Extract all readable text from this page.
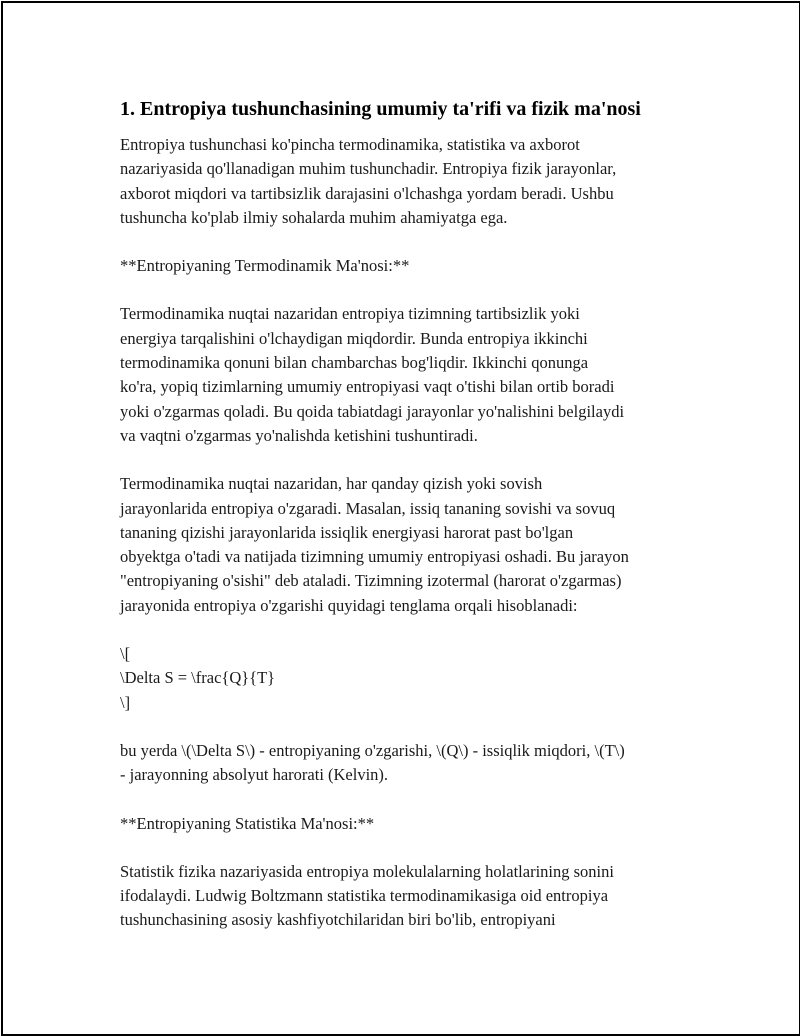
1. Entropiya tushunchasining umumiy ta'rifi va fizik ma'nosi
Entropiya tushunchasi ko'pincha termodinamika, statistika va axborot
nazariyasida qo'llanadigan muhim tushunchadir. Entropiya fizik jarayonlar,
axborot miqdori va tartibsizlik darajasini o'lchashga yordam beradi. Ushbu
tushuncha ko'plab ilmiy sohalarda muhim ahamiyatga ega.
**Entropiyaning Termodinamik Ma'nosi:**
Termodinamika nuqtai nazaridan entropiya tizimning tartibsizlik yoki
energiya tarqalishini o'lchaydigan miqdordir. Bunda entropiya ikkinchi
termodinamika qonuni bilan chambarchas bog'liqdir. Ikkinchi qonunga
ko'ra, yopiq tizimlarning umumiy entropiyasi vaqt o'tishi bilan ortib boradi
yoki o'zgarmas qoladi. Bu qoida tabiatdagi jarayonlar yo'nalishini belgilaydi
va vaqtni o'zgarmas yo'nalishda ketishini tushuntiradi.
Termodinamika nuqtai nazaridan, har qanday qizish yoki sovish
jarayonlarida entropiya o'zgaradi. Masalan, issiq tananing sovishi va sovuq
tananing qizishi jarayonlarida issiqlik energiyasi harorat past bo'lgan
obyektga o'tadi va natijada tizimning umumiy entropiyasi oshadi. Bu jarayon
"entropiyaning o'sishi" deb ataladi. Tizimning izotermal (harorat o'zgarmas)
jarayonida entropiya o'zgarishi quyidagi tenglama orqali hisoblanadi:
\[
\Delta S = \frac{Q}{T}
\]
bu yerda \(\Delta S\) - entropiyaning o'zgarishi, \(Q\) - issiqlik miqdori, \(T\)
- jarayonning absolyut harorati (Kelvin).
**Entropiyaning Statistika Ma'nosi:**
Statistik fizika nazariyasida entropiya molekulalarning holatlarining sonini
ifodalaydi. Ludwig Boltzmann statistika termodinamikasiga oid entropiya
tushunchasining asosiy kashfiyotchilaridan biri bo'lib, entropiyani
